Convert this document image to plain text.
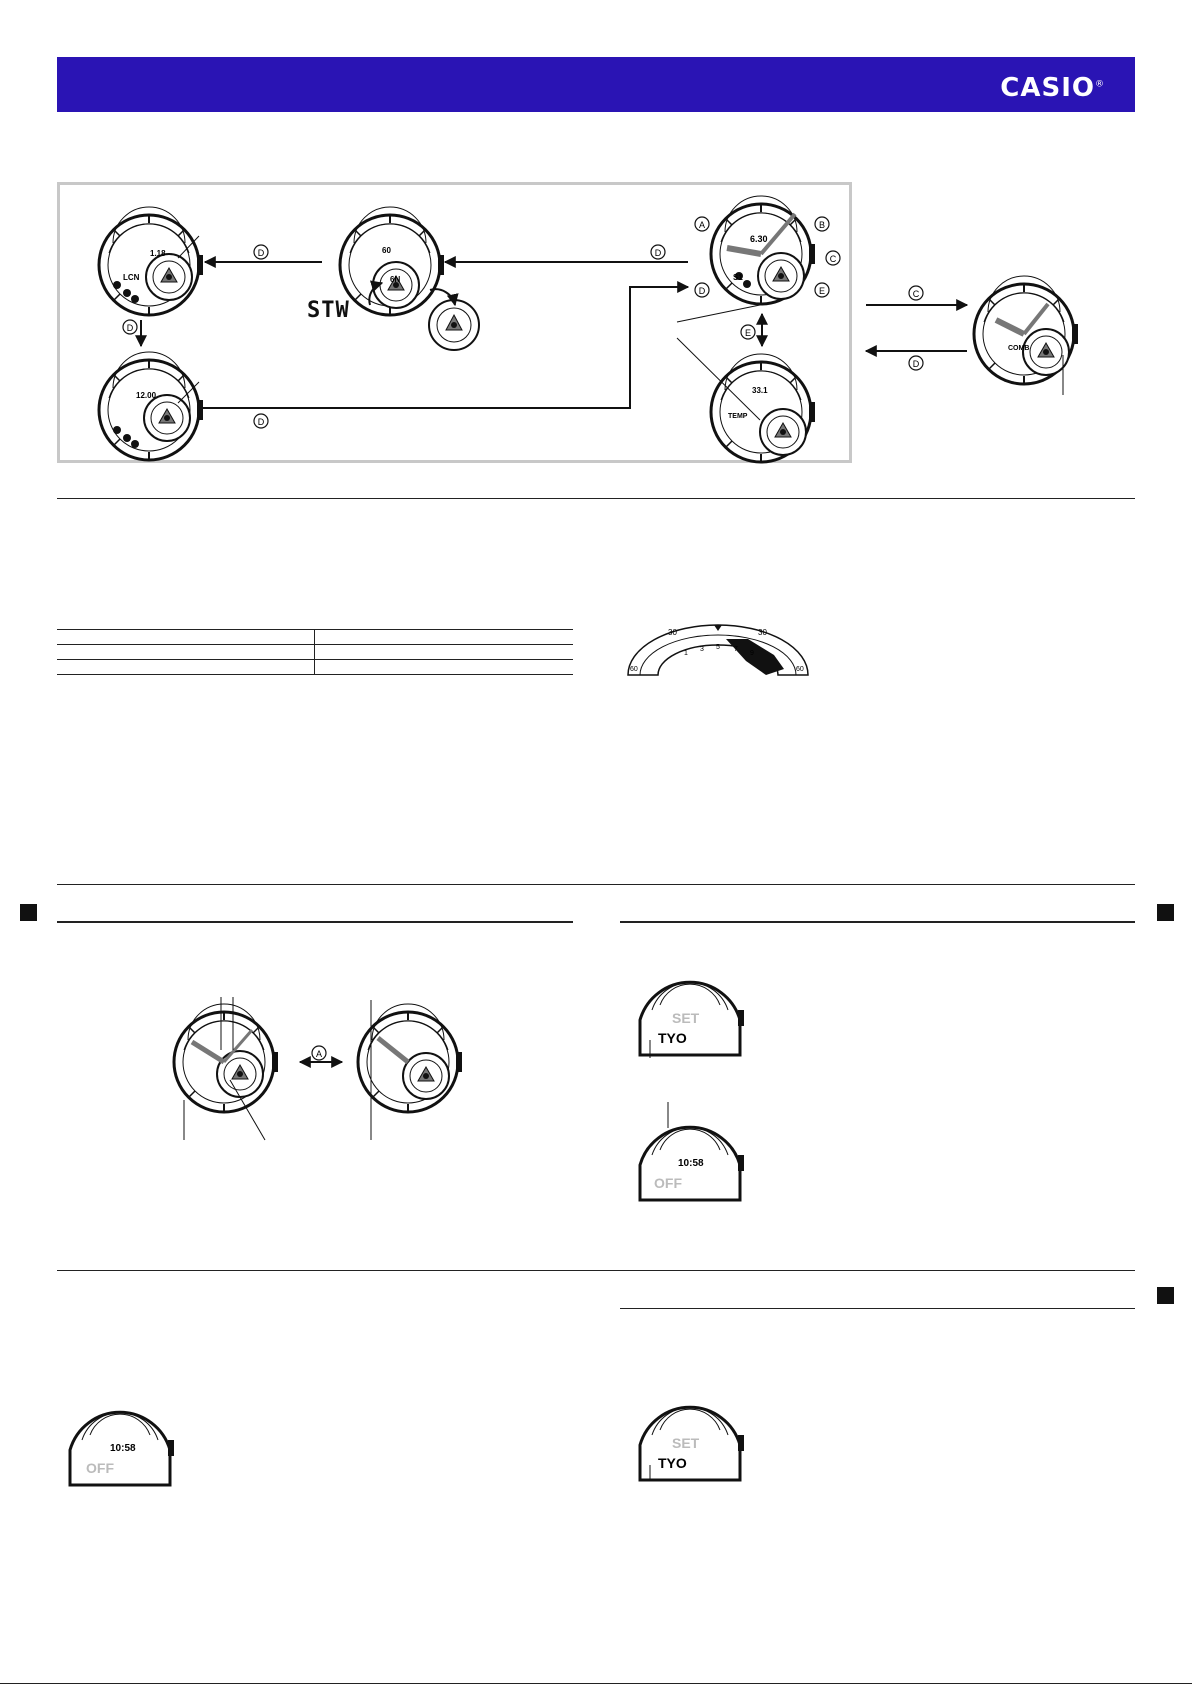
CASIO®
D	D
D
D
E
C
D
A	B
C
D	E
1.18
LCN
12.00
60
6N
6.30
S1
33.1
TEMP
COMB
30	30
60	60
1
3 5 7
9
A
SET
TYO
10:58
OFF
SET
TYO
10:58
OFF
STW
